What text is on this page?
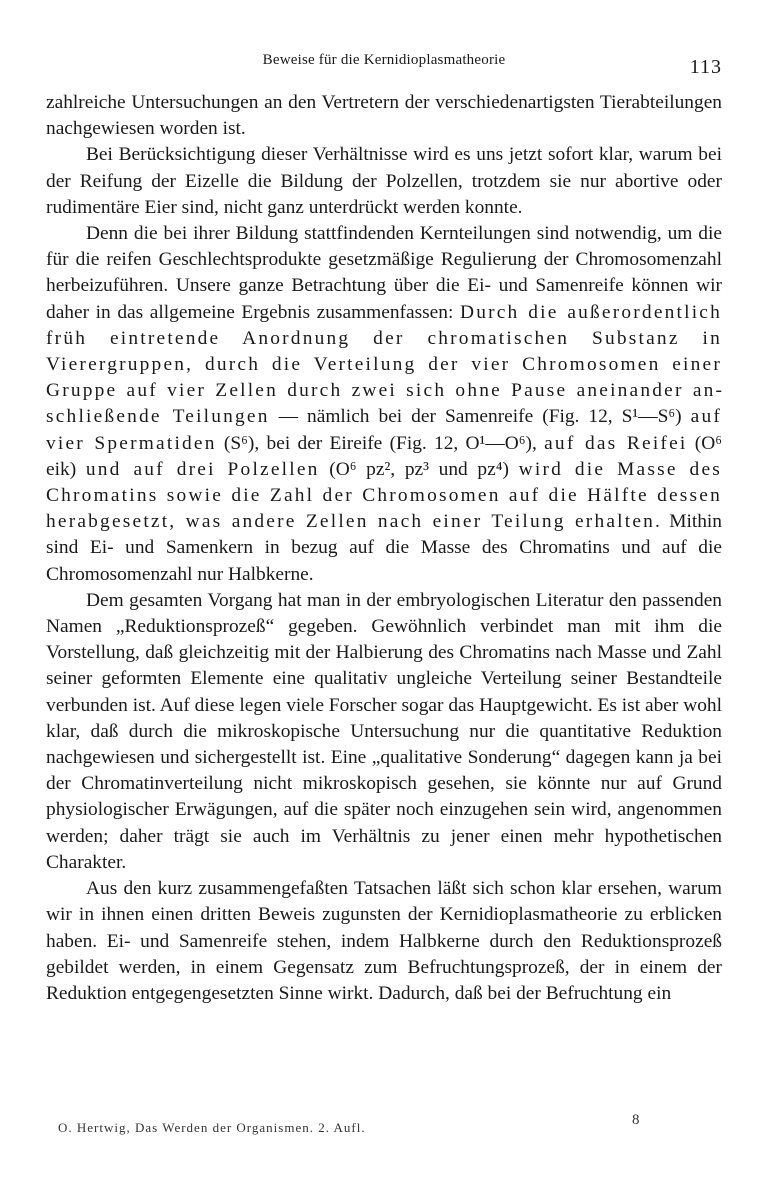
Beweise für die Kernidioplasmatheorie	113

zahlreiche Untersuchungen an den Vertretern der verschiedenartigsten Tierabteilungen nachgewiesen worden ist.

Bei Berücksichtigung dieser Verhältnisse wird es uns jetzt sofort klar, warum bei der Reifung der Eizelle die Bildung der Polzellen, trotzdem sie nur abortive oder rudimentäre Eier sind, nicht ganz unterdrückt werden konnte.

Denn die bei ihrer Bildung stattfindenden Kernteilungen sind notwendig, um die für die reifen Geschlechtsprodukte gesetzmäßige Regulierung der Chromosomenzahl herbeizuführen. Unsere ganze Betrachtung über die Ei- und Samenreife können wir daher in das allgemeine Ergebnis zusammenfassen: Durch die außerordentlich früh eintretende Anordnung der chromatischen Substanz in Vierergruppen, durch die Verteilung der vier Chromosomen einer Gruppe auf vier Zellen durch zwei sich ohne Pause aneinander anschließende Teilungen — nämlich bei der Samenreife (Fig. 12, S¹—S⁶) auf vier Spermatiden (S⁶), bei der Eireife (Fig. 12, O¹—O⁶), auf das Reifei (O⁶ eik) und auf drei Polzellen (O⁶ pz², pz³ und pz⁴) wird die Masse des Chromatins sowie die Zahl der Chromosomen auf die Hälfte dessen herabgesetzt, was andere Zellen nach einer Teilung erhalten. Mithin sind Ei- und Samenkern in bezug auf die Masse des Chromatins und auf die Chromosomenzahl nur Halbkerne.

Dem gesamten Vorgang hat man in der embryologischen Literatur den passenden Namen „Reduktionsprozeß“ gegeben. Gewöhnlich verbindet man mit ihm die Vorstellung, daß gleichzeitig mit der Halbierung des Chromatins nach Masse und Zahl seiner geformten Elemente eine qualitativ ungleiche Verteilung seiner Bestandteile verbunden ist. Auf diese legen viele Forscher sogar das Hauptgewicht. Es ist aber wohl klar, daß durch die mikroskopische Untersuchung nur die quantitative Reduktion nachgewiesen und sichergestellt ist. Eine „qualitative Sonderung“ dagegen kann ja bei der Chromatinverteilung nicht mikroskopisch gesehen, sie könnte nur auf Grund physiologischer Erwägungen, auf die später noch einzugehen sein wird, angenommen werden; daher trägt sie auch im Verhältnis zu jener einen mehr hypothetischen Charakter.

Aus den kurz zusammengefaßten Tatsachen läßt sich schon klar ersehen, warum wir in ihnen einen dritten Beweis zugunsten der Kernidioplasmatheorie zu erblicken haben. Ei- und Samenreife stehen, indem Halbkerne durch den Reduktionsprozeß gebildet werden, in einem Gegensatz zum Befruchtungsprozeß, der in einem der Reduktion entgegengesetzten Sinne wirkt. Dadurch, daß bei der Befruchtung ein

O. Hertwig, Das Werden der Organismen. 2. Aufl.	8
